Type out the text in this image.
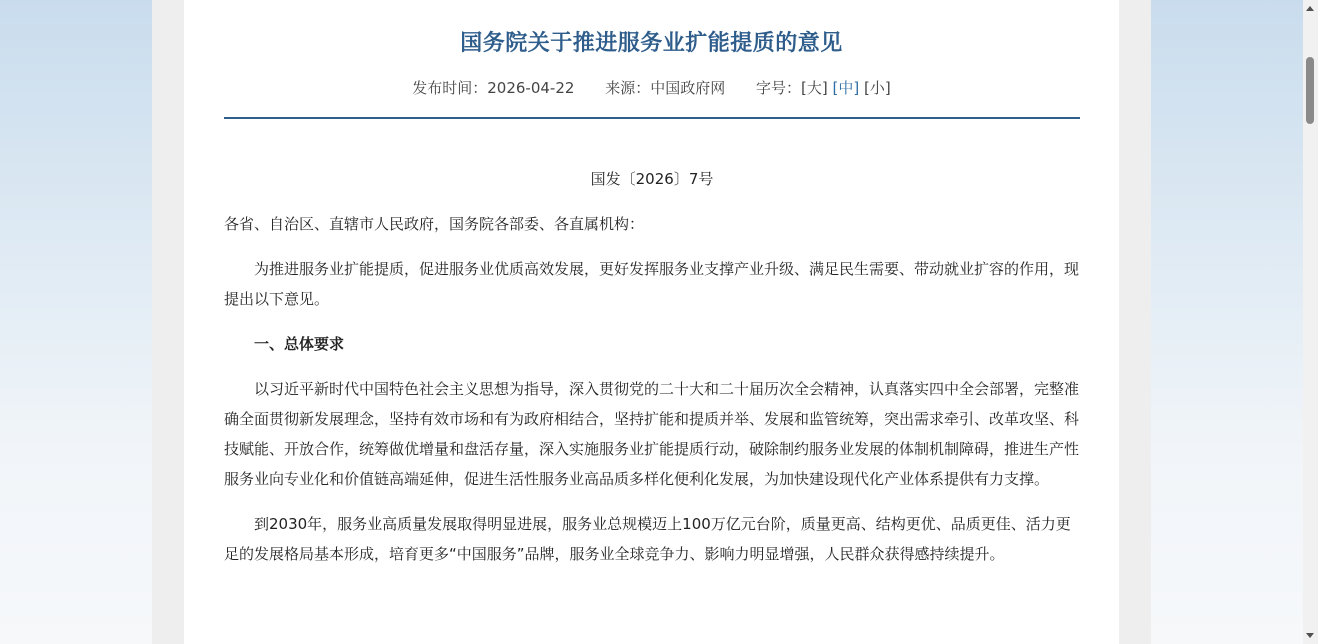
国务院关于推进服务业扩能提质的意见
发布时间：2026-04-22 来源：中国政府网 字号：[大] [中] [小]

国发〔2026〕7号

各省、自治区、直辖市人民政府，国务院各部委、各直属机构：

为推进服务业扩能提质，促进服务业优质高效发展，更好发挥服务业支撑产业升级、满足民生需要、带动就业扩容的作用，现提出以下意见。

一、总体要求

以习近平新时代中国特色社会主义思想为指导，深入贯彻党的二十大和二十届历次全会精神，认真落实四中全会部署，完整准确全面贯彻新发展理念，坚持有效市场和有为政府相结合，坚持扩能和提质并举、发展和监管统筹，突出需求牵引、改革攻坚、科技赋能、开放合作，统筹做优增量和盘活存量，深入实施服务业扩能提质行动，破除制约服务业发展的体制机制障碍，推进生产性服务业向专业化和价值链高端延伸，促进生活性服务业高品质多样化便利化发展，为加快建设现代化产业体系提供有力支撑。

到2030年，服务业高质量发展取得明显进展，服务业总规模迈上100万亿元台阶，质量更高、结构更优、品质更佳、活力更足的发展格局基本形成，培育更多“中国服务”品牌，服务业全球竞争力、影响力明显增强，人民群众获得感持续提升。
